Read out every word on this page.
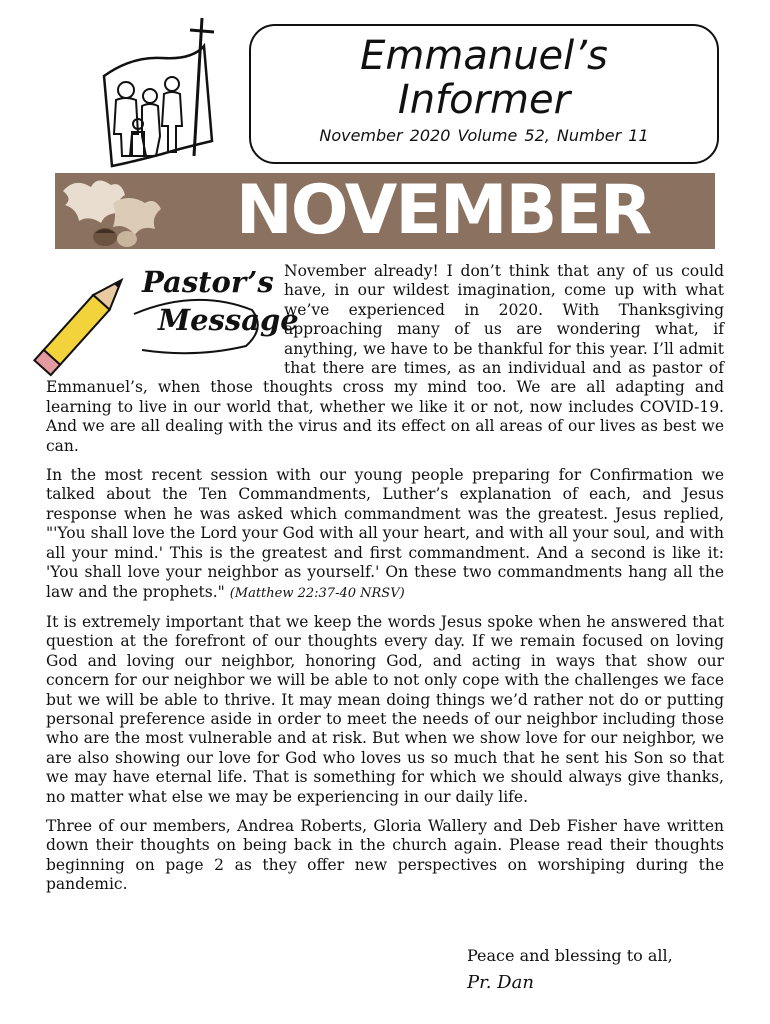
Emmanuel’s
Informer
November 2020 Volume 52, Number 11
NOVEMBER
Pastor’s
Message

November already! I don’t think that any of us could have, in our wildest imagination, come up with what we’ve experienced in 2020. With Thanksgiving approaching many of us are wondering what, if anything, we have to be thankful for this year. I’ll admit that there are times, as an individual and as pastor of Emmanuel’s, when those thoughts cross my mind too. We are all adapting and learning to live in our world that, whether we like it or not, now includes COVID-19. And we are all dealing with the virus and its effect on all areas of our lives as best we can.

In the most recent session with our young people preparing for Confirmation we talked about the Ten Commandments, Luther’s explanation of each, and Jesus response when he was asked which commandment was the greatest. Jesus replied, "'You shall love the Lord your God with all your heart, and with all your soul, and with all your mind.' This is the greatest and first commandment. And a second is like it: 'You shall love your neighbor as yourself.' On these two commandments hang all the law and the prophets." (Matthew 22:37-40 NRSV)

It is extremely important that we keep the words Jesus spoke when he answered that question at the forefront of our thoughts every day. If we remain focused on loving God and loving our neighbor, honoring God, and acting in ways that show our concern for our neighbor we will be able to not only cope with the challenges we face but we will be able to thrive. It may mean doing things we’d rather not do or putting personal preference aside in order to meet the needs of our neighbor including those who are the most vulnerable and at risk. But when we show love for our neighbor, we are also showing our love for God who loves us so much that he sent his Son so that we may have eternal life. That is something for which we should always give thanks, no matter what else we may be experiencing in our daily life.

Three of our members, Andrea Roberts, Gloria Wallery and Deb Fisher have written down their thoughts on being back in the church again. Please read their thoughts beginning on page 2 as they offer new perspectives on worshiping during the pandemic.

Peace and blessing to all,
Pr. Dan
